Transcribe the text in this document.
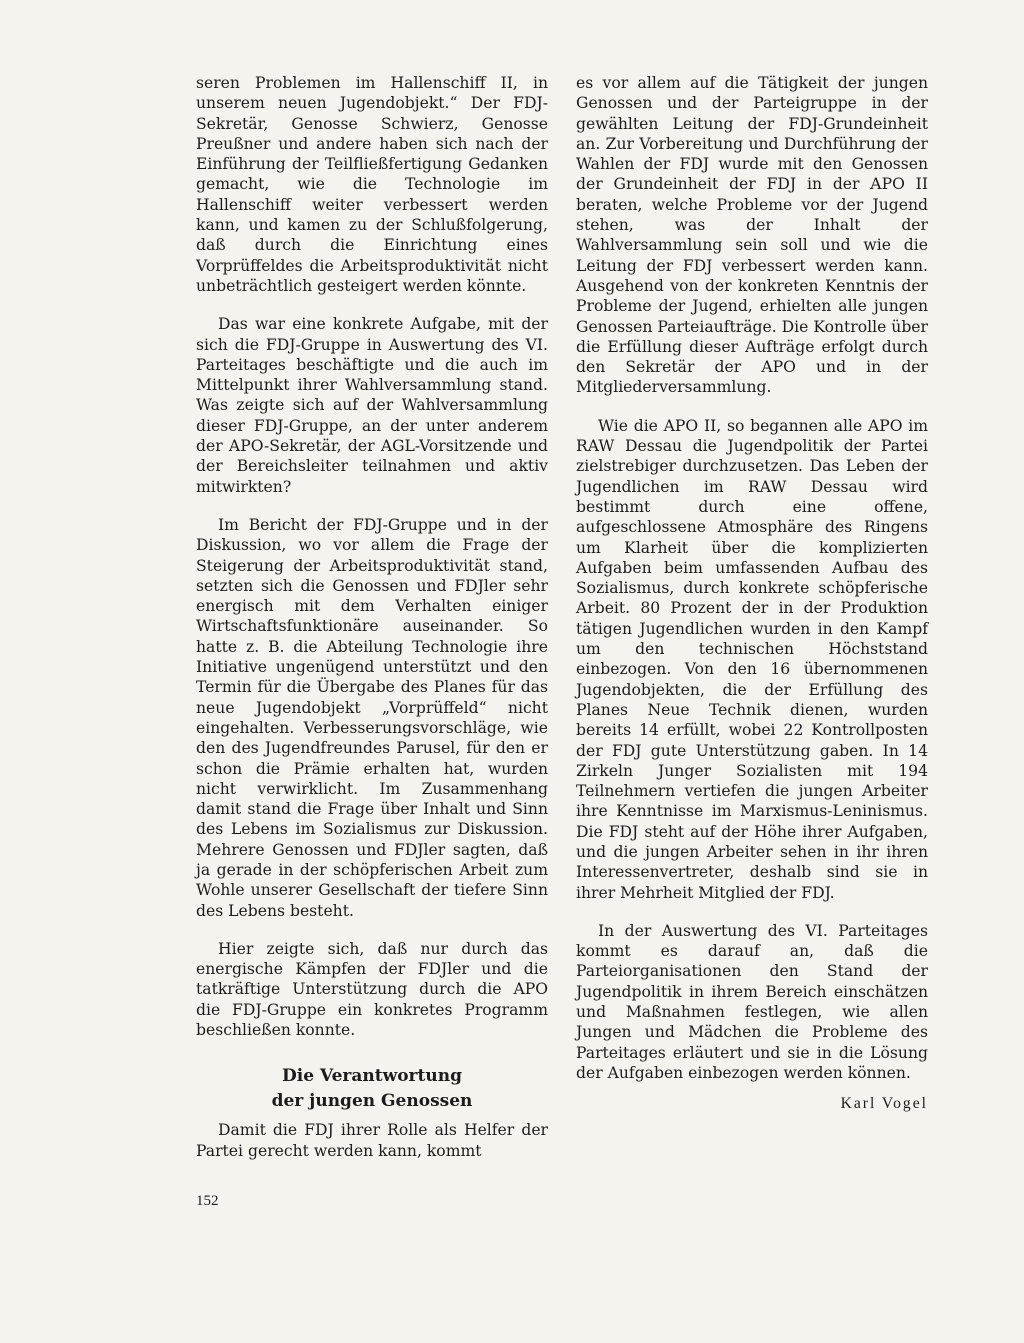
seren Problemen im Hallenschiff II, in unserem neuen Jugendobjekt.“ Der FDJ-Sekretär, Genosse Schwierz, Genosse Preußner und andere haben sich nach der Einführung der Teilfließfertigung Gedanken gemacht, wie die Technologie im Hallenschiff weiter verbessert werden kann, und kamen zu der Schlußfolgerung, daß durch die Einrichtung eines Vorprüffeldes die Arbeitsproduktivität nicht unbeträchtlich gesteigert werden könnte.

Das war eine konkrete Aufgabe, mit der sich die FDJ-Gruppe in Auswertung des VI. Parteitages beschäftigte und die auch im Mittelpunkt ihrer Wahlversammlung stand. Was zeigte sich auf der Wahlversammlung dieser FDJ-Gruppe, an der unter anderem der APO-Sekretär, der AGL-Vorsitzende und der Bereichsleiter teilnahmen und aktiv mitwirkten?

Im Bericht der FDJ-Gruppe und in der Diskussion, wo vor allem die Frage der Steigerung der Arbeitsproduktivität stand, setzten sich die Genossen und FDJler sehr energisch mit dem Verhalten einiger Wirtschaftsfunktionäre auseinander. So hatte z. B. die Abteilung Technologie ihre Initiative ungenügend unterstützt und den Termin für die Übergabe des Planes für das neue Jugendobjekt „Vorprüffeld“ nicht eingehalten. Verbesserungsvorschläge, wie den des Jugendfreundes Parusel, für den er schon die Prämie erhalten hat, wurden nicht verwirklicht. Im Zusammenhang damit stand die Frage über Inhalt und Sinn des Lebens im Sozialismus zur Diskussion. Mehrere Genossen und FDJler sagten, daß ja gerade in der schöpferischen Arbeit zum Wohle unserer Gesellschaft der tiefere Sinn des Lebens besteht.

Hier zeigte sich, daß nur durch das energische Kämpfen der FDJler und die tatkräftige Unterstützung durch die APO die FDJ-Gruppe ein konkretes Programm beschließen konnte.

Die Verantwortung

der jungen Genossen

Damit die FDJ ihrer Rolle als Helfer der Partei gerecht werden kann, kommt

es vor allem auf die Tätigkeit der jungen Genossen und der Parteigruppe in der gewählten Leitung der FDJ-Grundeinheit an. Zur Vorbereitung und Durchführung der Wahlen der FDJ wurde mit den Genossen der Grundeinheit der FDJ in der APO II beraten, welche Probleme vor der Jugend stehen, was der Inhalt der Wahlversammlung sein soll und wie die Leitung der FDJ verbessert werden kann. Ausgehend von der konkreten Kenntnis der Probleme der Jugend, erhielten alle jungen Genossen Parteiaufträge. Die Kontrolle über die Erfüllung dieser Aufträge erfolgt durch den Sekretär der APO und in der Mitgliederversammlung.

Wie die APO II, so begannen alle APO im RAW Dessau die Jugendpolitik der Partei zielstrebiger durchzusetzen. Das Leben der Jugendlichen im RAW Dessau wird bestimmt durch eine offene, aufgeschlossene Atmosphäre des Ringens um Klarheit über die komplizierten Aufgaben beim umfassenden Aufbau des Sozialismus, durch konkrete schöpferische Arbeit. 80 Prozent der in der Produktion tätigen Jugendlichen wurden in den Kampf um den technischen Höchststand einbezogen. Von den 16 übernommenen Jugendobjekten, die der Erfüllung des Planes Neue Technik dienen, wurden bereits 14 erfüllt, wobei 22 Kontrollposten der FDJ gute Unterstützung gaben. In 14 Zirkeln Junger Sozialisten mit 194 Teilnehmern vertiefen die jungen Arbeiter ihre Kenntnisse im Marxismus-Leninismus. Die FDJ steht auf der Höhe ihrer Aufgaben, und die jungen Arbeiter sehen in ihr ihren Interessenvertreter, deshalb sind sie in ihrer Mehrheit Mitglied der FDJ.

In der Auswertung des VI. Parteitages kommt es darauf an, daß die Parteiorganisationen den Stand der Jugendpolitik in ihrem Bereich einschätzen und Maßnahmen festlegen, wie allen Jungen und Mädchen die Probleme des Parteitages erläutert und sie in die Lösung der Aufgaben einbezogen werden können.

Karl Vogel
152
